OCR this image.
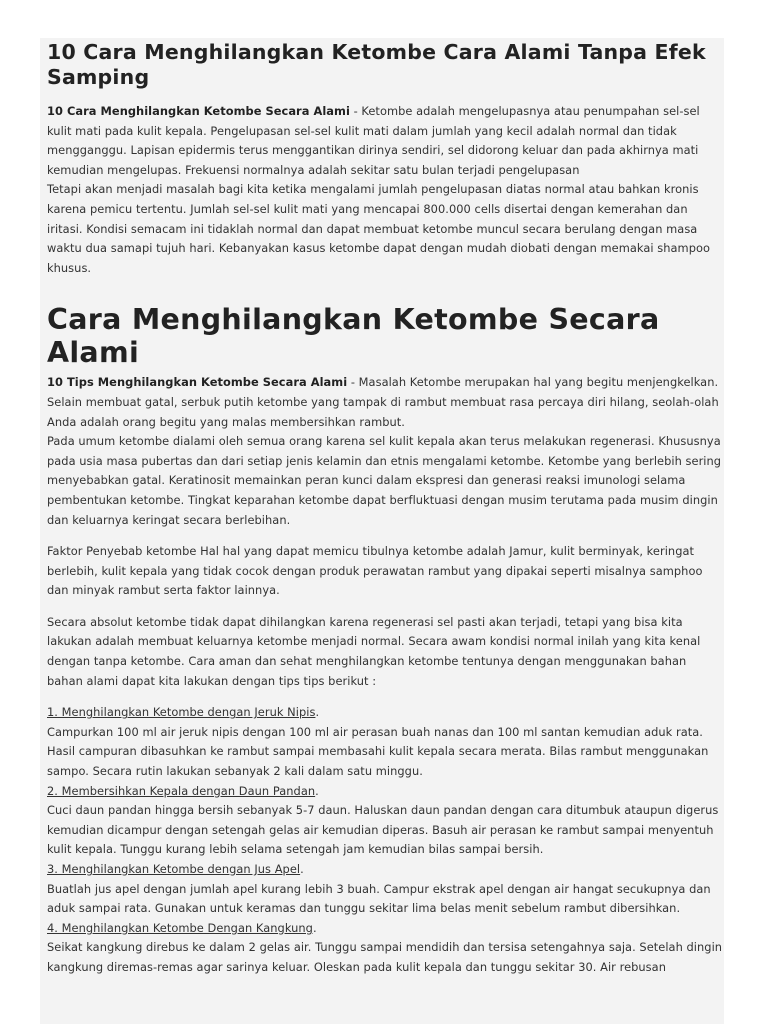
10 Cara Menghilangkan Ketombe Cara Alami Tanpa Efek Samping

10 Cara Menghilangkan Ketombe Secara Alami - Ketombe adalah mengelupasnya atau penumpahan sel-sel kulit mati pada kulit kepala. Pengelupasan sel-sel kulit mati dalam jumlah yang kecil adalah normal dan tidak mengganggu. Lapisan epidermis terus menggantikan dirinya sendiri, sel didorong keluar dan pada akhirnya mati kemudian mengelupas. Frekuensi normalnya adalah sekitar satu bulan terjadi pengelupasan

Tetapi akan menjadi masalah bagi kita ketika mengalami jumlah pengelupasan diatas normal atau bahkan kronis karena pemicu tertentu. Jumlah sel-sel kulit mati yang mencapai 800.000 cells disertai dengan kemerahan dan iritasi. Kondisi semacam ini tidaklah normal dan dapat membuat ketombe muncul secara berulang dengan masa waktu dua samapi tujuh hari. Kebanyakan kasus ketombe dapat dengan mudah diobati dengan memakai shampoo khusus.

Cara Menghilangkan Ketombe Secara Alami

10 Tips Menghilangkan Ketombe Secara Alami - Masalah Ketombe merupakan hal yang begitu menjengkelkan. Selain membuat gatal, serbuk putih ketombe yang tampak di rambut membuat rasa percaya diri hilang, seolah-olah Anda adalah orang begitu yang malas membersihkan rambut.

Pada umum ketombe dialami oleh semua orang karena sel kulit kepala akan terus melakukan regenerasi. Khususnya pada usia masa pubertas dan dari setiap jenis kelamin dan etnis mengalami ketombe. Ketombe yang berlebih sering menyebabkan gatal. Keratinosit memainkan peran kunci dalam ekspresi dan generasi reaksi imunologi selama pembentukan ketombe. Tingkat keparahan ketombe dapat berfluktuasi dengan musim terutama pada musim dingin dan keluarnya keringat secara berlebihan.

Faktor Penyebab ketombe Hal hal yang dapat memicu tibulnya ketombe adalah Jamur, kulit berminyak, keringat berlebih, kulit kepala yang tidak cocok dengan produk perawatan rambut yang dipakai seperti misalnya samphoo dan minyak rambut serta faktor lainnya.

Secara absolut ketombe tidak dapat dihilangkan karena regenerasi sel pasti akan terjadi, tetapi yang bisa kita lakukan adalah membuat keluarnya ketombe menjadi normal. Secara awam kondisi normal inilah yang kita kenal dengan tanpa ketombe. Cara aman dan sehat menghilangkan ketombe tentunya dengan menggunakan bahan bahan alami dapat kita lakukan dengan tips tips berikut :

1. Menghilangkan Ketombe dengan Jeruk Nipis.

Campurkan 100 ml air jeruk nipis dengan 100 ml air perasan buah nanas dan 100 ml santan kemudian aduk rata. Hasil campuran dibasuhkan ke rambut sampai membasahi kulit kepala secara merata. Bilas rambut menggunakan sampo. Secara rutin lakukan sebanyak 2 kali dalam satu minggu.

2. Membersihkan Kepala dengan Daun Pandan.

Cuci daun pandan hingga bersih sebanyak 5-7 daun. Haluskan daun pandan dengan cara ditumbuk ataupun digerus kemudian dicampur dengan setengah gelas air kemudian diperas. Basuh air perasan ke rambut sampai menyentuh kulit kepala. Tunggu kurang lebih selama setengah jam kemudian bilas sampai bersih.

3. Menghilangkan Ketombe dengan Jus Apel.

Buatlah jus apel dengan jumlah apel kurang lebih 3 buah. Campur ekstrak apel dengan air hangat secukupnya dan aduk sampai rata. Gunakan untuk keramas dan tunggu sekitar lima belas menit sebelum rambut dibersihkan.

4. Menghilangkan Ketombe Dengan Kangkung.

Seikat kangkung direbus ke dalam 2 gelas air. Tunggu sampai mendidih dan tersisa setengahnya saja. Setelah dingin kangkung diremas-remas agar sarinya keluar. Oleskan pada kulit kepala dan tunggu sekitar 30. Air rebusan
